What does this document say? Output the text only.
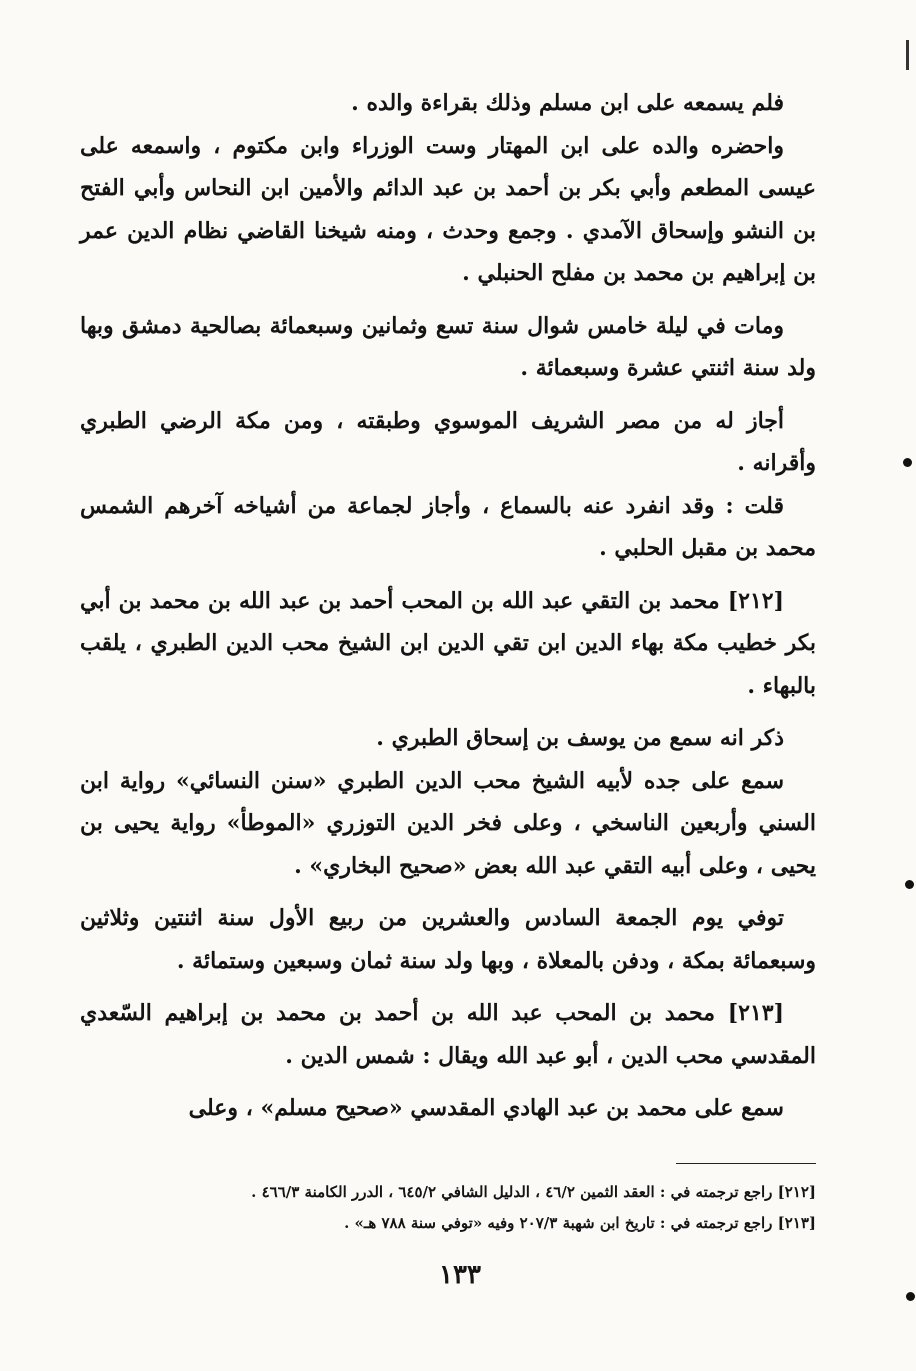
فلم يسمعه على ابن مسلم وذلك بقراءة والده .

واحضره والده على ابن المهتار وست الوزراء وابن مكتوم ، واسمعه على عيسى المطعم وأبي بكر بن أحمد بن عبد الدائم والأمين ابن النحاس وأبي الفتح بن النشو وإسحاق الآمدي . وجمع وحدث ، ومنه شيخنا القاضي نظام الدين عمر بن إبراهيم بن محمد بن مفلح الحنبلي .

ومات في ليلة خامس شوال سنة تسع وثمانين وسبعمائة بصالحية دمشق وبها ولد سنة اثنتي عشرة وسبعمائة .

أجاز له من مصر الشريف الموسوي وطبقته ، ومن مكة الرضي الطبري وأقرانه .

قلت : وقد انفرد عنه بالسماع ، وأجاز لجماعة من أشياخه آخرهم الشمس محمد بن مقبل الحلبي .

[٢١٢] محمد بن التقي عبد الله بن المحب أحمد بن عبد الله بن محمد بن أبي بكر خطيب مكة بهاء الدين ابن تقي الدين ابن الشيخ محب الدين الطبري ، يلقب بالبهاء .

ذكر انه سمع من يوسف بن إسحاق الطبري .

سمع على جده لأبيه الشيخ محب الدين الطبري «سنن النسائي» رواية ابن السني وأربعين الناسخي ، وعلى فخر الدين التوزري «الموطأ» رواية يحيى بن يحيى ، وعلى أبيه التقي عبد الله بعض «صحيح البخاري» .

توفي يوم الجمعة السادس والعشرين من ربيع الأول سنة اثنتين وثلاثين وسبعمائة بمكة ، ودفن بالمعلاة ، وبها ولد سنة ثمان وسبعين وستمائة .

[٢١٣] محمد بن المحب عبد الله بن أحمد بن محمد بن إبراهيم السّعدي المقدسي محب الدين ، أبو عبد الله ويقال : شمس الدين .

سمع على محمد بن عبد الهادي المقدسي «صحيح مسلم» ، وعلى

[٢١٢] راجع ترجمته في : العقد الثمين ٤٦/٢ ، الدليل الشافي ٦٤٥/٢ ، الدرر الكامنة ٤٦٦/٣ .

[٢١٣] راجع ترجمته في : تاريخ ابن شهبة ٢٠٧/٣ وفيه «توفي سنة ٧٨٨ هـ» .

١٣٣
